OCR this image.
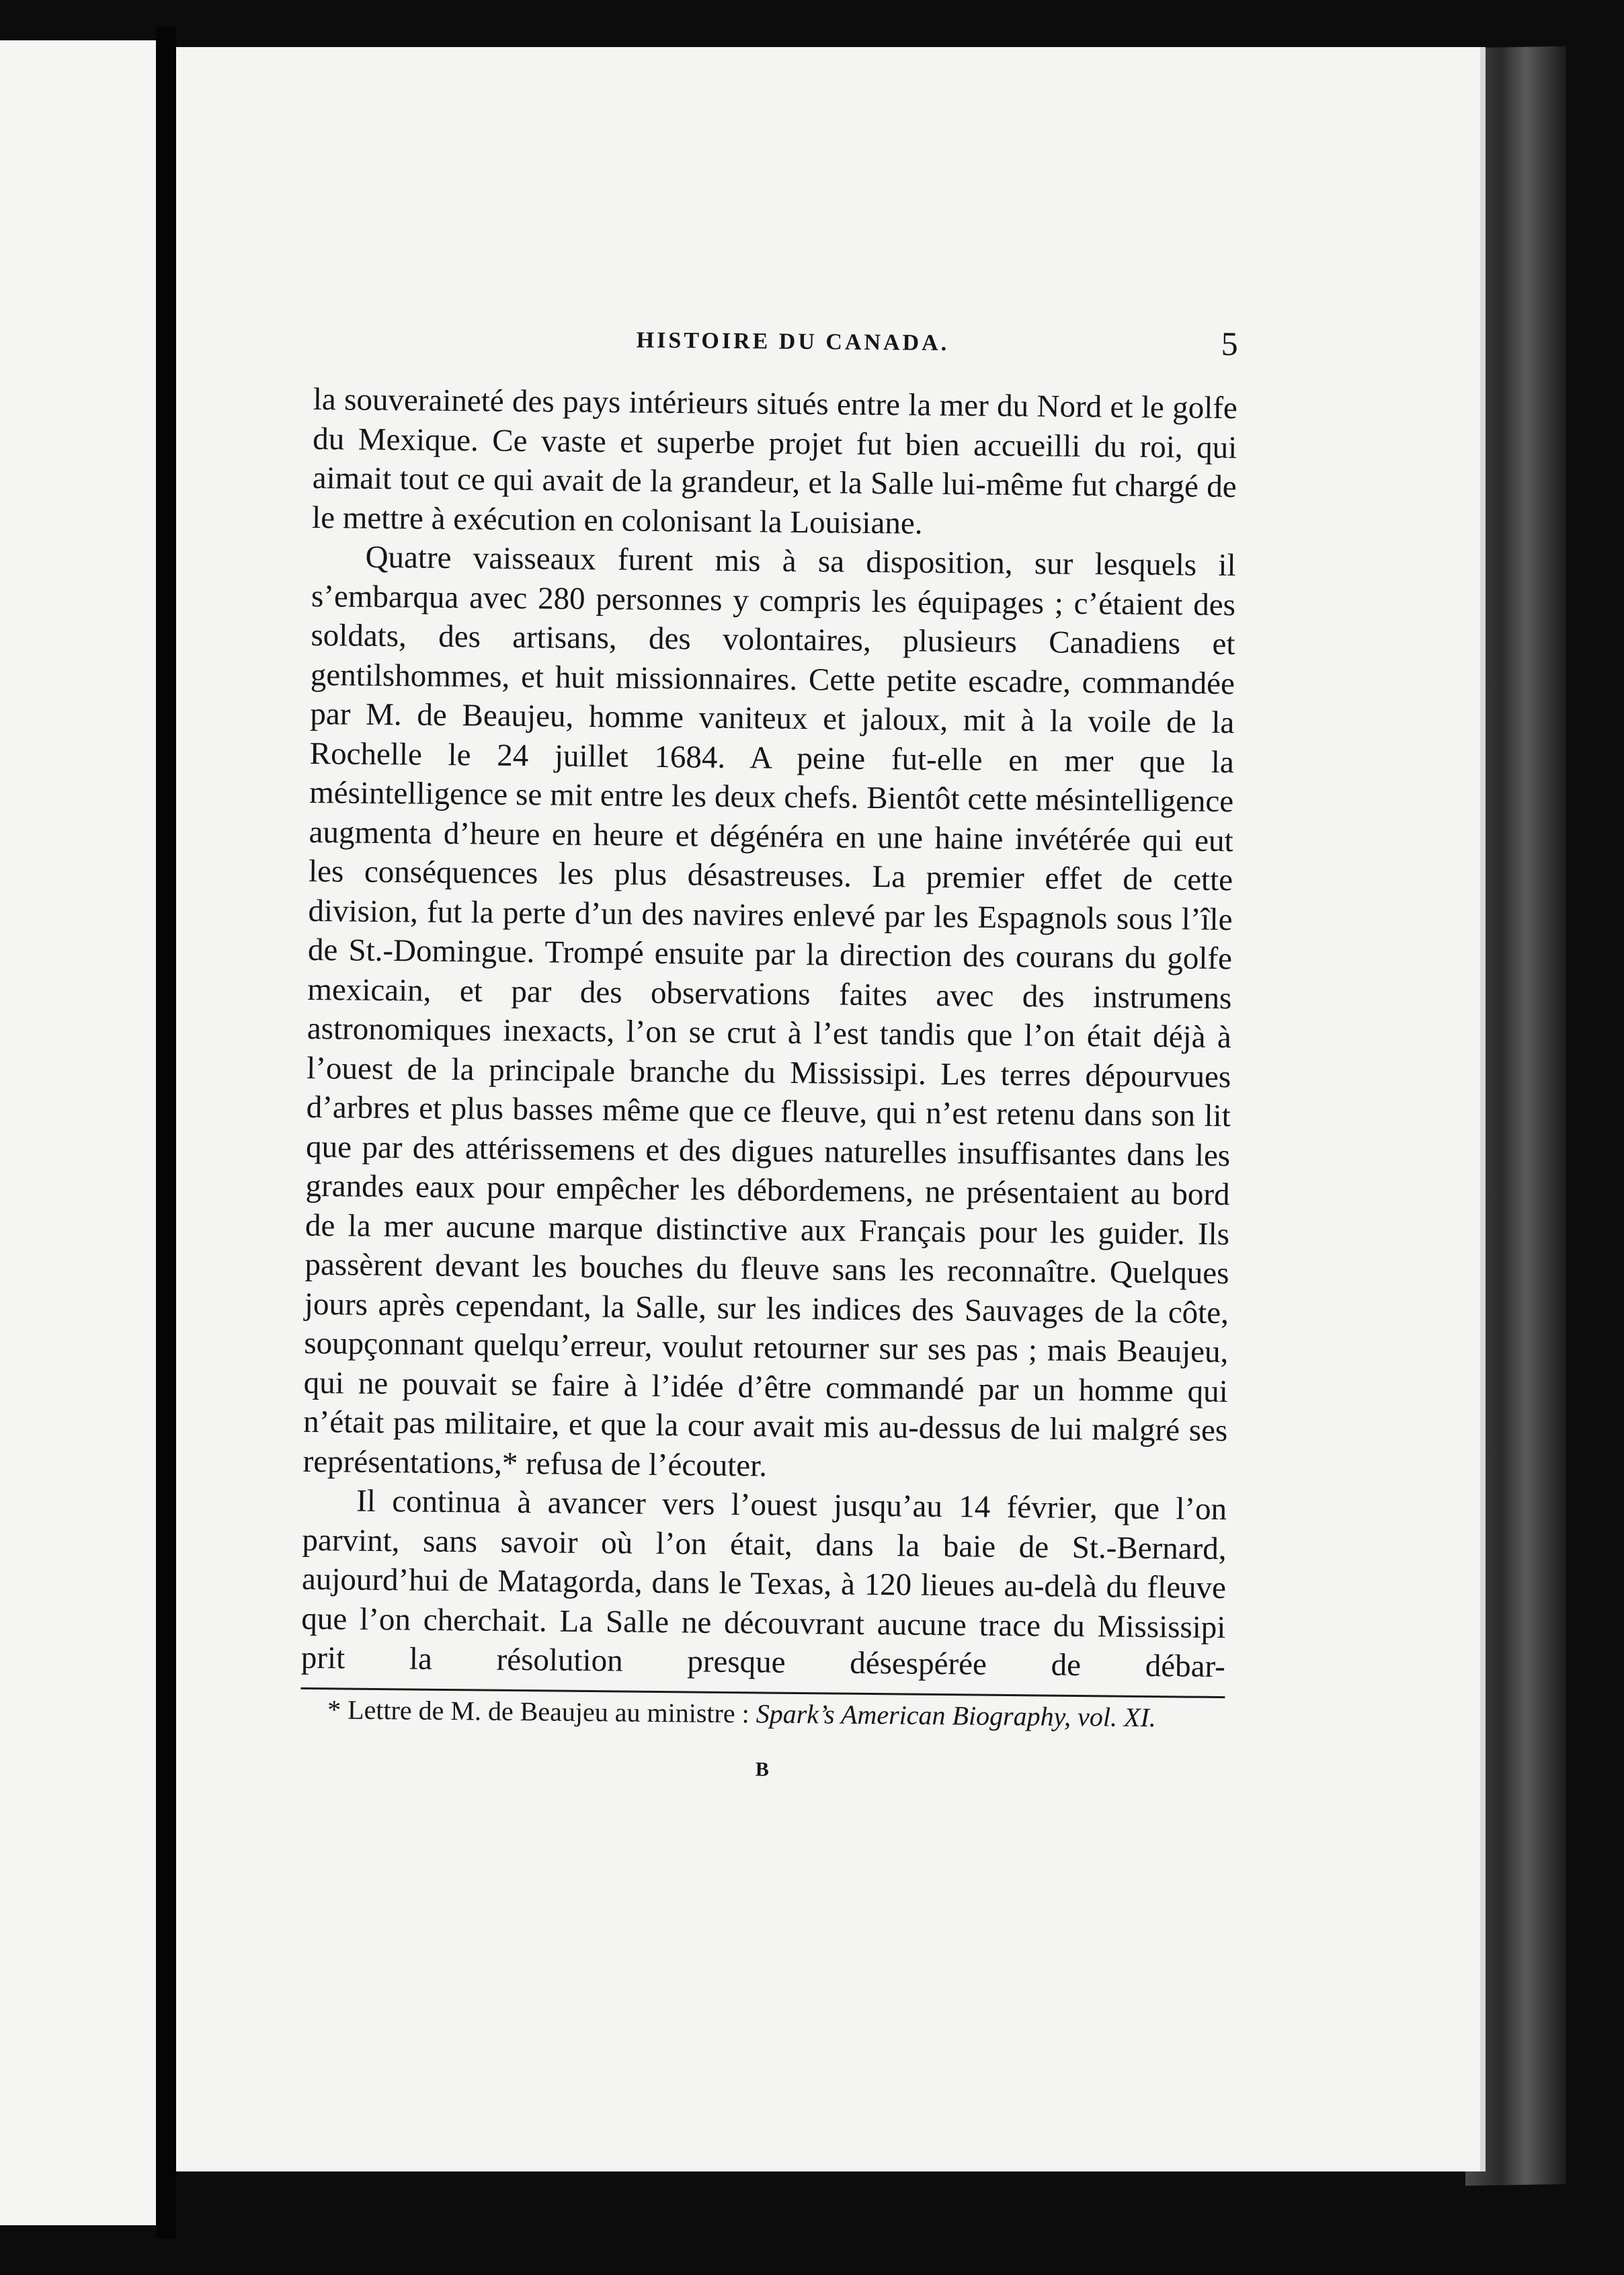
HISTOIRE DU CANADA.	5

la souveraineté des pays intérieurs situés entre la mer du Nord et le golfe du Mexique. Ce vaste et superbe projet fut bien accueilli du roi, qui aimait tout ce qui avait de la grandeur, et la Salle lui-même fut chargé de le mettre à exécution en colonisant la Louisiane.

Quatre vaisseaux furent mis à sa disposition, sur lesquels il s’embarqua avec 280 personnes y compris les équipages ; c’étaient des soldats, des artisans, des volontaires, plusieurs Canadiens et gentilshommes, et huit missionnaires. Cette petite escadre, commandée par M. de Beaujeu, homme vaniteux et jaloux, mit à la voile de la Rochelle le 24 juillet 1684. A peine fut-elle en mer que la mésintelligence se mit entre les deux chefs. Bientôt cette mésintelligence augmenta d’heure en heure et dégénéra en une haine invétérée qui eut les conséquences les plus désastreuses. La premier effet de cette division, fut la perte d’un des navires enlevé par les Espagnols sous l’île de St.-Domingue. Trompé ensuite par la direction des courans du golfe mexicain, et par des observations faites avec des instrumens astronomiques inexacts, l’on se crut à l’est tandis que l’on était déjà à l’ouest de la principale branche du Mississipi. Les terres dépourvues d’arbres et plus basses même que ce fleuve, qui n’est retenu dans son lit que par des attérissemens et des digues naturelles insuffisantes dans les grandes eaux pour empêcher les débordemens, ne présentaient au bord de la mer aucune marque distinctive aux Français pour les guider. Ils passèrent devant les bouches du fleuve sans les reconnaître. Quelques jours après cependant, la Salle, sur les indices des Sauvages de la côte, soupçonnant quelqu’erreur, voulut retourner sur ses pas ; mais Beaujeu, qui ne pouvait se faire à l’idée d’être commandé par un homme qui n’était pas militaire, et que la cour avait mis au-dessus de lui malgré ses représentations,* refusa de l’écouter.

Il continua à avancer vers l’ouest jusqu’au 14 février, que l’on parvint, sans savoir où l’on était, dans la baie de St.-Bernard, aujourd’hui de Matagorda, dans le Texas, à 120 lieues au-delà du fleuve que l’on cherchait. La Salle ne découvrant aucune trace du Mississipi prit la résolution presque désespérée de débar-

* Lettre de M. de Beaujeu au ministre : Spark’s American Biography, vol. XI.

B
